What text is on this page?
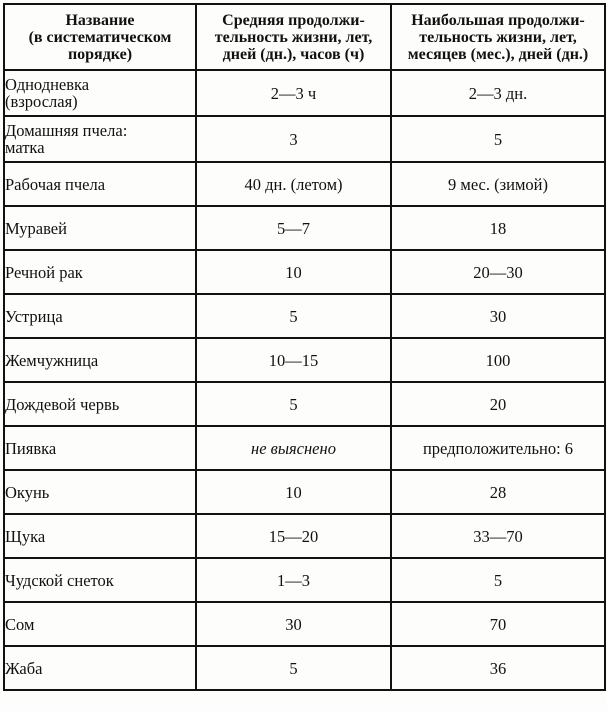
Название
(в систематическом
порядке)	Средняя продолжи-
тельность жизни, лет,
дней (дн.), часов (ч)	Наибольшая продолжи-
тельность жизни, лет,
месяцев (мес.), дней (дн.)

Однодневка
(взрослая)	2—3 ч	2—3 дн.

Домашняя пчела:
матка	3	5
Рабочая пчела	40 дн. (летом)	9 мес. (зимой)
Муравей	5—7	18
Речной рак	10	20—30
Устрица	5	30
Жемчужница	10—15	100
Дождевой червь	5	20
Пиявка	не выяснено	предположительно: 6
Окунь	10	28
Щука	15—20	33—70
Чудской снеток	1—3	5
Сом	30	70
Жаба	5	36
